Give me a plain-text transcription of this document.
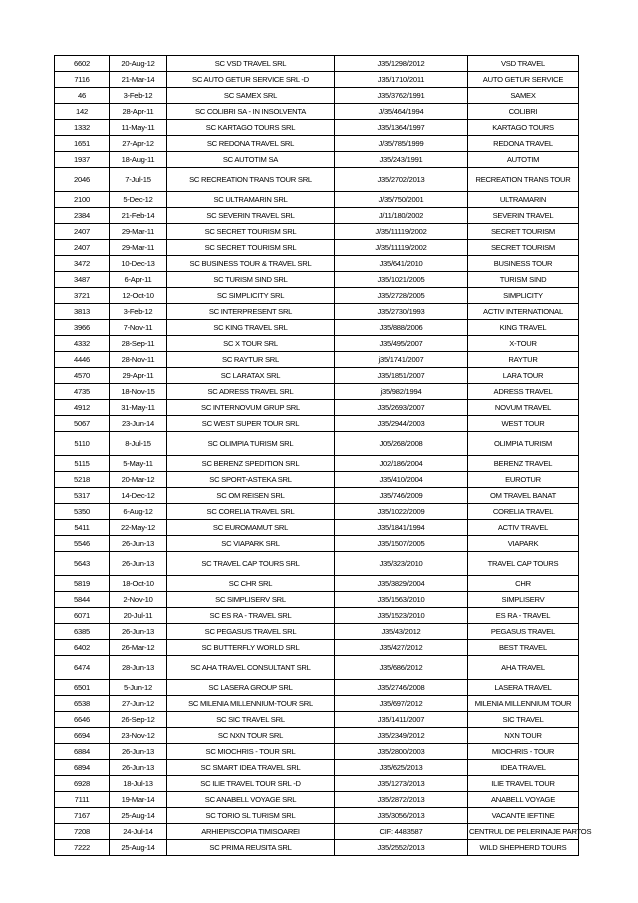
6602	20-Aug-12	SC VSD TRAVEL SRL	J35/1298/2012	VSD TRAVEL
7116	21-Mar-14	SC AUTO GETUR SERVICE SRL -D	J35/1710/2011	AUTO GETUR SERVICE
46	3-Feb-12	SC SAMEX SRL	J35/3762/1991	SAMEX
142	28-Apr-11	SC COLIBRI SA - IN INSOLVENTA	J/35/464/1994	COLIBRI
1332	11-May-11	SC KARTAGO TOURS SRL	J35/1364/1997	KARTAGO TOURS
1651	27-Apr-12	SC REDONA TRAVEL SRL	J/35/785/1999	REDONA TRAVEL
1937	18-Aug-11	SC AUTOTIM SA	J35/243/1991	AUTOTIM
2046	7-Jul-15	SC RECREATION TRANS TOUR SRL	J35/2702/2013	RECREATION TRANS TOUR
2100	5-Dec-12	SC ULTRAMARIN SRL	J/35/750/2001	ULTRAMARIN
2384	21-Feb-14	SC SEVERIN TRAVEL SRL	J/11/180/2002	SEVERIN TRAVEL
2407	29-Mar-11	SC SECRET TOURISM SRL	J/35/11119/2002	SECRET TOURISM
2407	29-Mar-11	SC SECRET TOURISM SRL	J/35/11119/2002	SECRET TOURISM
3472	10-Dec-13	SC BUSINESS TOUR & TRAVEL SRL	J35/641/2010	BUSINESS TOUR
3487	6-Apr-11	SC TURISM SIND SRL	J35/1021/2005	TURISM SIND
3721	12-Oct-10	SC SIMPLICITY SRL	J35/2728/2005	SIMPLICITY
3813	3-Feb-12	SC INTERPRESENT SRL	J35/2730/1993	ACTIV INTERNATIONAL
3966	7-Nov-11	SC KING TRAVEL SRL	J35/888/2006	KING TRAVEL
4332	28-Sep-11	SC X TOUR SRL	J35/495/2007	X-TOUR
4446	28-Nov-11	SC RAYTUR SRL	j35/1741/2007	RAYTUR
4570	29-Apr-11	SC LARATAX SRL	J35/1851/2007	LARA TOUR
4735	18-Nov-15	SC ADRESS TRAVEL SRL	j35/982/1994	ADRESS TRAVEL
4912	31-May-11	SC INTERNOVUM GRUP SRL	J35/2693/2007	NOVUM TRAVEL
5067	23-Jun-14	SC WEST SUPER TOUR SRL	J35/2944/2003	WEST TOUR
5110	8-Jul-15	SC OLIMPIA TURISM SRL	J05/268/2008	OLIMPIA TURISM
5115	5-May-11	SC BERENZ SPEDITION SRL	J02/186/2004	BERENZ TRAVEL
5218	20-Mar-12	SC SPORT-ASTEKA SRL	J35/410/2004	EUROTUR
5317	14-Dec-12	SC OM REISEN SRL	J35/746/2009	OM TRAVEL BANAT
5350	6-Aug-12	SC CORELIA TRAVEL SRL	J35/1022/2009	CORELIA TRAVEL
5411	22-May-12	SC EUROMAMUT SRL	J35/1841/1994	ACTIV TRAVEL
5546	26-Jun-13	SC VIAPARK SRL	J35/1507/2005	VIAPARK
5643	26-Jun-13	SC TRAVEL CAP TOURS SRL	J35/323/2010	TRAVEL CAP TOURS
5819	18-Oct-10	SC CHR SRL	J35/3829/2004	CHR
5844	2-Nov-10	SC SIMPLISERV SRL	J35/1563/2010	SIMPLISERV
6071	20-Jul-11	SC ES RA - TRAVEL SRL	J35/1523/2010	ES RA - TRAVEL
6385	26-Jun-13	SC PEGASUS TRAVEL SRL	J35/43/2012	PEGASUS TRAVEL
6402	26-Mar-12	SC BUTTERFLY WORLD SRL	J35/427/2012	BEST TRAVEL
6474	28-Jun-13	SC AHA TRAVEL CONSULTANT SRL	J35/686/2012	AHA TRAVEL
6501	5-Jun-12	SC LASERA GROUP SRL	J35/2746/2008	LASERA TRAVEL
6538	27-Jun-12	SC MILENIA MILLENNIUM-TOUR SRL	J35/697/2012	MILENIA MILLENNIUM TOUR
6646	26-Sep-12	SC SIC TRAVEL SRL	J35/1411/2007	SIC TRAVEL
6694	23-Nov-12	SC NXN TOUR SRL	J35/2349/2012	NXN TOUR
6884	26-Jun-13	SC MIOCHRIS - TOUR SRL	J35/2800/2003	MIOCHRIS - TOUR
6894	26-Jun-13	SC SMART IDEA TRAVEL SRL	J35/625/2013	IDEA TRAVEL
6928	18-Jul-13	SC ILIE TRAVEL TOUR SRL -D	J35/1273/2013	ILIE TRAVEL TOUR
7111	19-Mar-14	SC ANABELL VOYAGE SRL	J35/2872/2013	ANABELL VOYAGE
7167	25-Aug-14	SC TORIO SL TURISM SRL	J35/3056/2013	VACANTE IEFTINE
7208	24-Jul-14	ARHIEPISCOPIA TIMISOAREI	CIF: 4483587	CENTRUL DE PELERINAJE PARTOS
7222	25-Aug-14	SC PRIMA REUSITA SRL	J35/2552/2013	WILD SHEPHERD TOURS
